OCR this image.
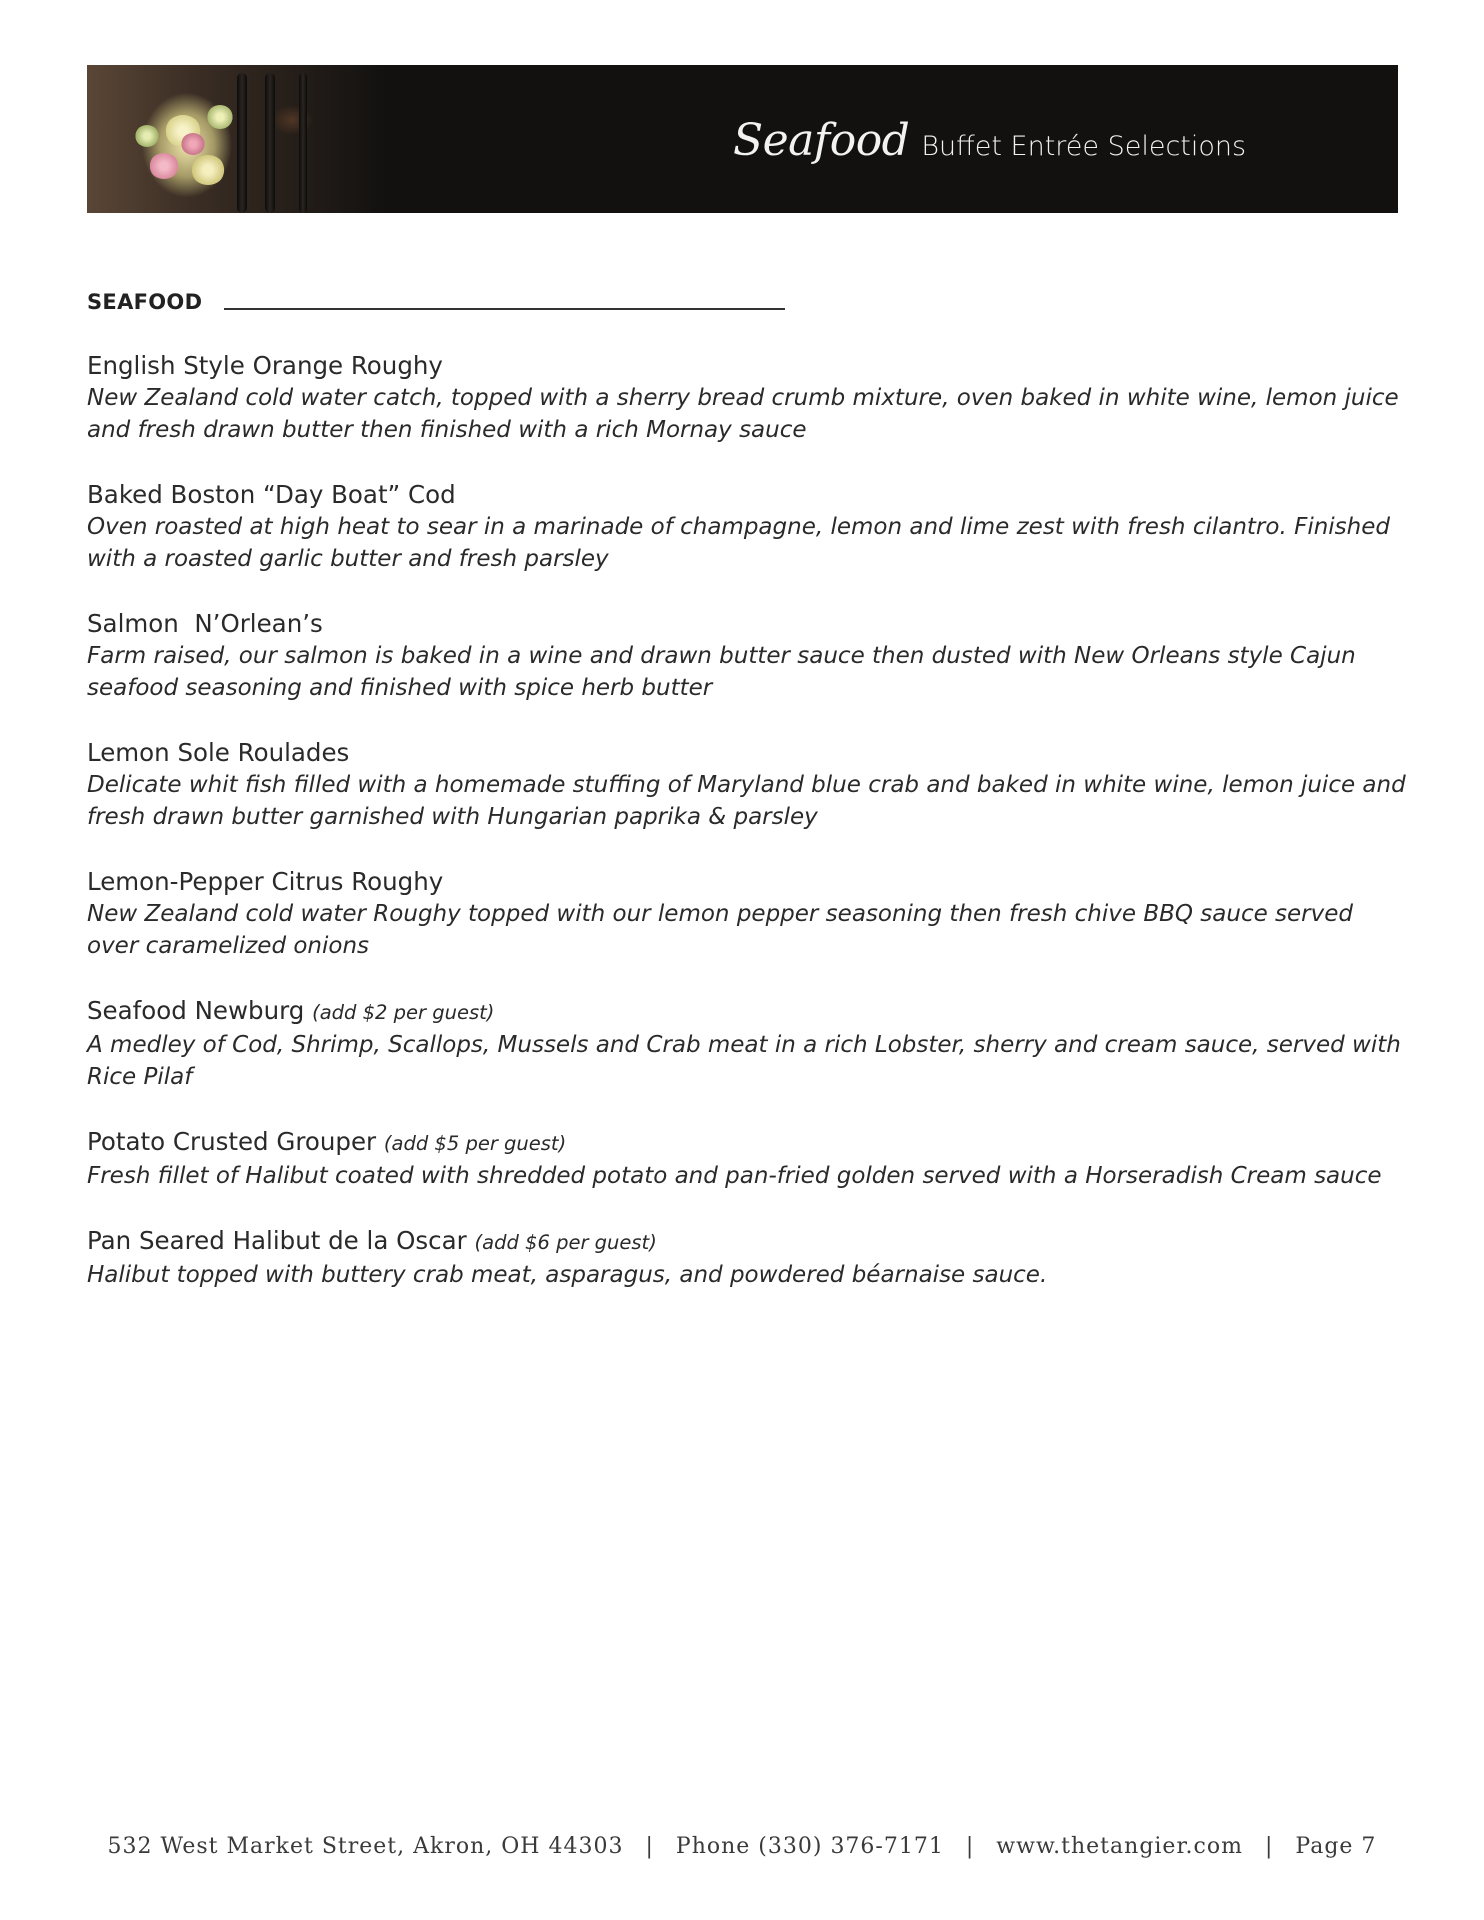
Seafood Buffet Entrée Selections
SEAFOOD
English Style Orange Roughy
New Zealand cold water catch, topped with a sherry bread crumb mixture, oven baked in white wine, lemon juice and fresh drawn butter then finished with a rich Mornay sauce
Baked Boston “Day Boat” Cod
Oven roasted at high heat to sear in a marinade of champagne, lemon and lime zest with fresh cilantro. Finished with a roasted garlic butter and fresh parsley
Salmon  N’Orlean’s
Farm raised, our salmon is baked in a wine and drawn butter sauce then dusted with New Orleans style Cajun seafood seasoning and finished with spice herb butter
Lemon Sole Roulades
Delicate whit fish filled with a homemade stuffing of Maryland blue crab and baked in white wine, lemon juice and fresh drawn butter garnished with Hungarian paprika & parsley
Lemon-Pepper Citrus Roughy
New Zealand cold water Roughy topped with our lemon pepper seasoning then fresh chive BBQ sauce served over caramelized onions
Seafood Newburg (add $2 per guest)
A medley of Cod, Shrimp, Scallops, Mussels and Crab meat in a rich Lobster, sherry and cream sauce, served with Rice Pilaf
Potato Crusted Grouper (add $5 per guest)
Fresh fillet of Halibut coated with shredded potato and pan-fried golden served with a Horseradish Cream sauce
Pan Seared Halibut de la Oscar (add $6 per guest)
Halibut topped with buttery crab meat, asparagus, and powdered béarnaise sauce.
532 West Market Street, Akron, OH 44303 | Phone (330) 376-7171 | www.thetangier.com | Page 7
